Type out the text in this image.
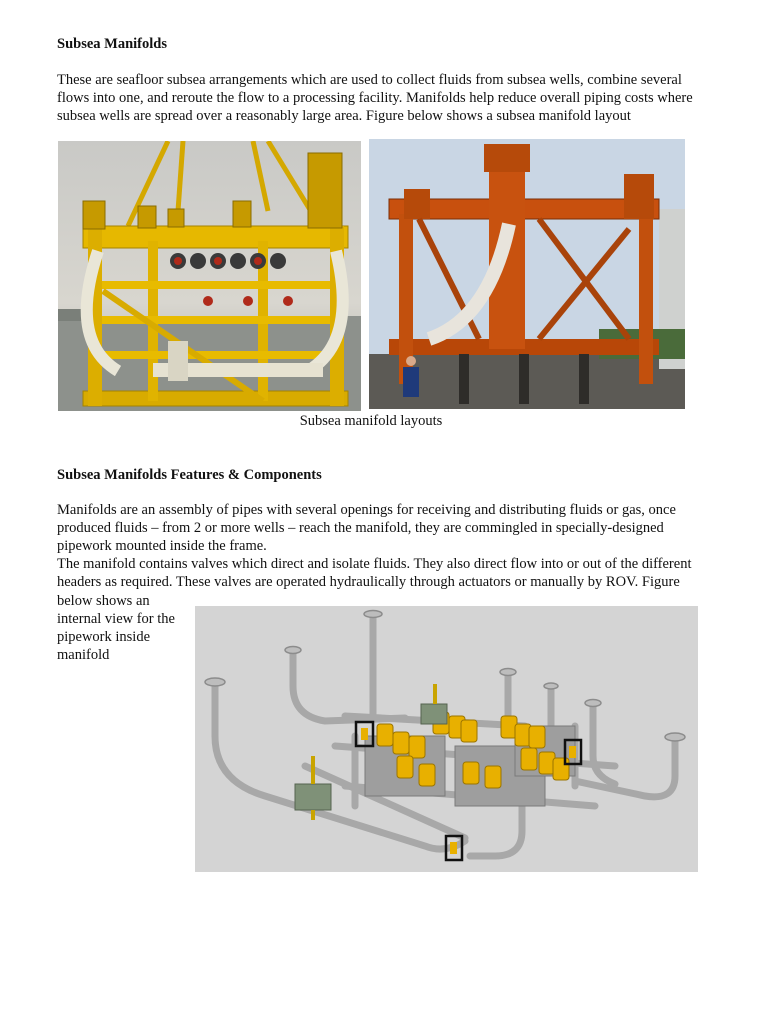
Subsea Manifolds

These are seafloor subsea arrangements which are used to collect fluids from subsea wells, combine several
flows into one, and reroute the flow to a processing facility. Manifolds help reduce overall piping costs where
subsea wells are spread over a reasonably large area. Figure below shows a subsea manifold layout

Subsea manifold layouts
Subsea Manifolds Features & Components

Manifolds are an assembly of pipes with several openings for receiving and distributing fluids or gas, once
produced fluids – from 2 or more wells – reach the manifold, they are commingled in specially-designed
pipework mounted inside the frame.
The manifold contains valves which direct and isolate fluids. They also direct flow into or out of the different
headers as required. These valves are operated hydraulically through actuators or manually by ROV. Figure

below shows an
internal view for the
pipework inside
manifold
